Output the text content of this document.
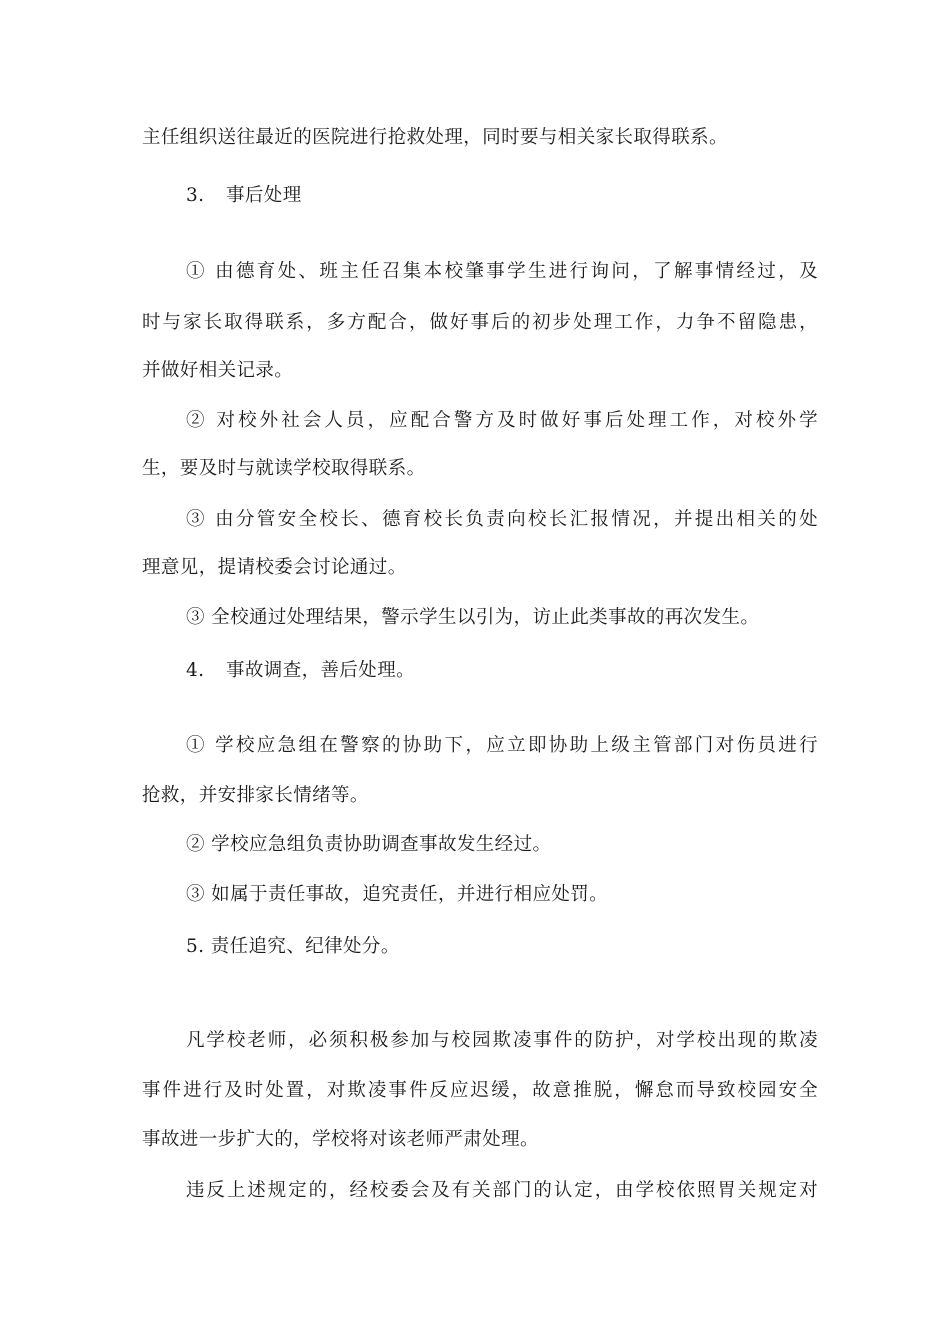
主任组织送往最近的医院进行抢救处理，同时要与相关家长取得联系。
3. 事后处理
① 由德育处、班主任召集本校肇事学生进行询问，了解事情经过，及
时与家长取得联系，多方配合，做好事后的初步处理工作，力争不留隐患，
并做好相关记录。
② 对校外社会人员，应配合警方及时做好事后处理工作，对校外学
生，要及时与就读学校取得联系。
③ 由分管安全校长、德育校长负责向校长汇报情况，并提出相关的处
理意见，提请校委会讨论通过。
③ 全校通过处理结果，警示学生以引为，访止此类事故的再次发生。
4. 事故调查，善后处理。
① 学校应急组在警察的协助下，应立即协助上级主管部门对伤员进行
抢救，并安排家长情绪等。
② 学校应急组负责协助调查事故发生经过。
③ 如属于责任事故，追究责任，并进行相应处罚。
5. 责任追究、纪律处分。
凡学校老师，必须积极参加与校园欺凌事件的防护，对学校出现的欺凌
事件进行及时处置，对欺凌事件反应迟缓，故意推脱，懈怠而导致校园安全
事故进一步扩大的，学校将对该老师严肃处理。
违反上述规定的，经校委会及有关部门的认定，由学校依照胃关规定对
